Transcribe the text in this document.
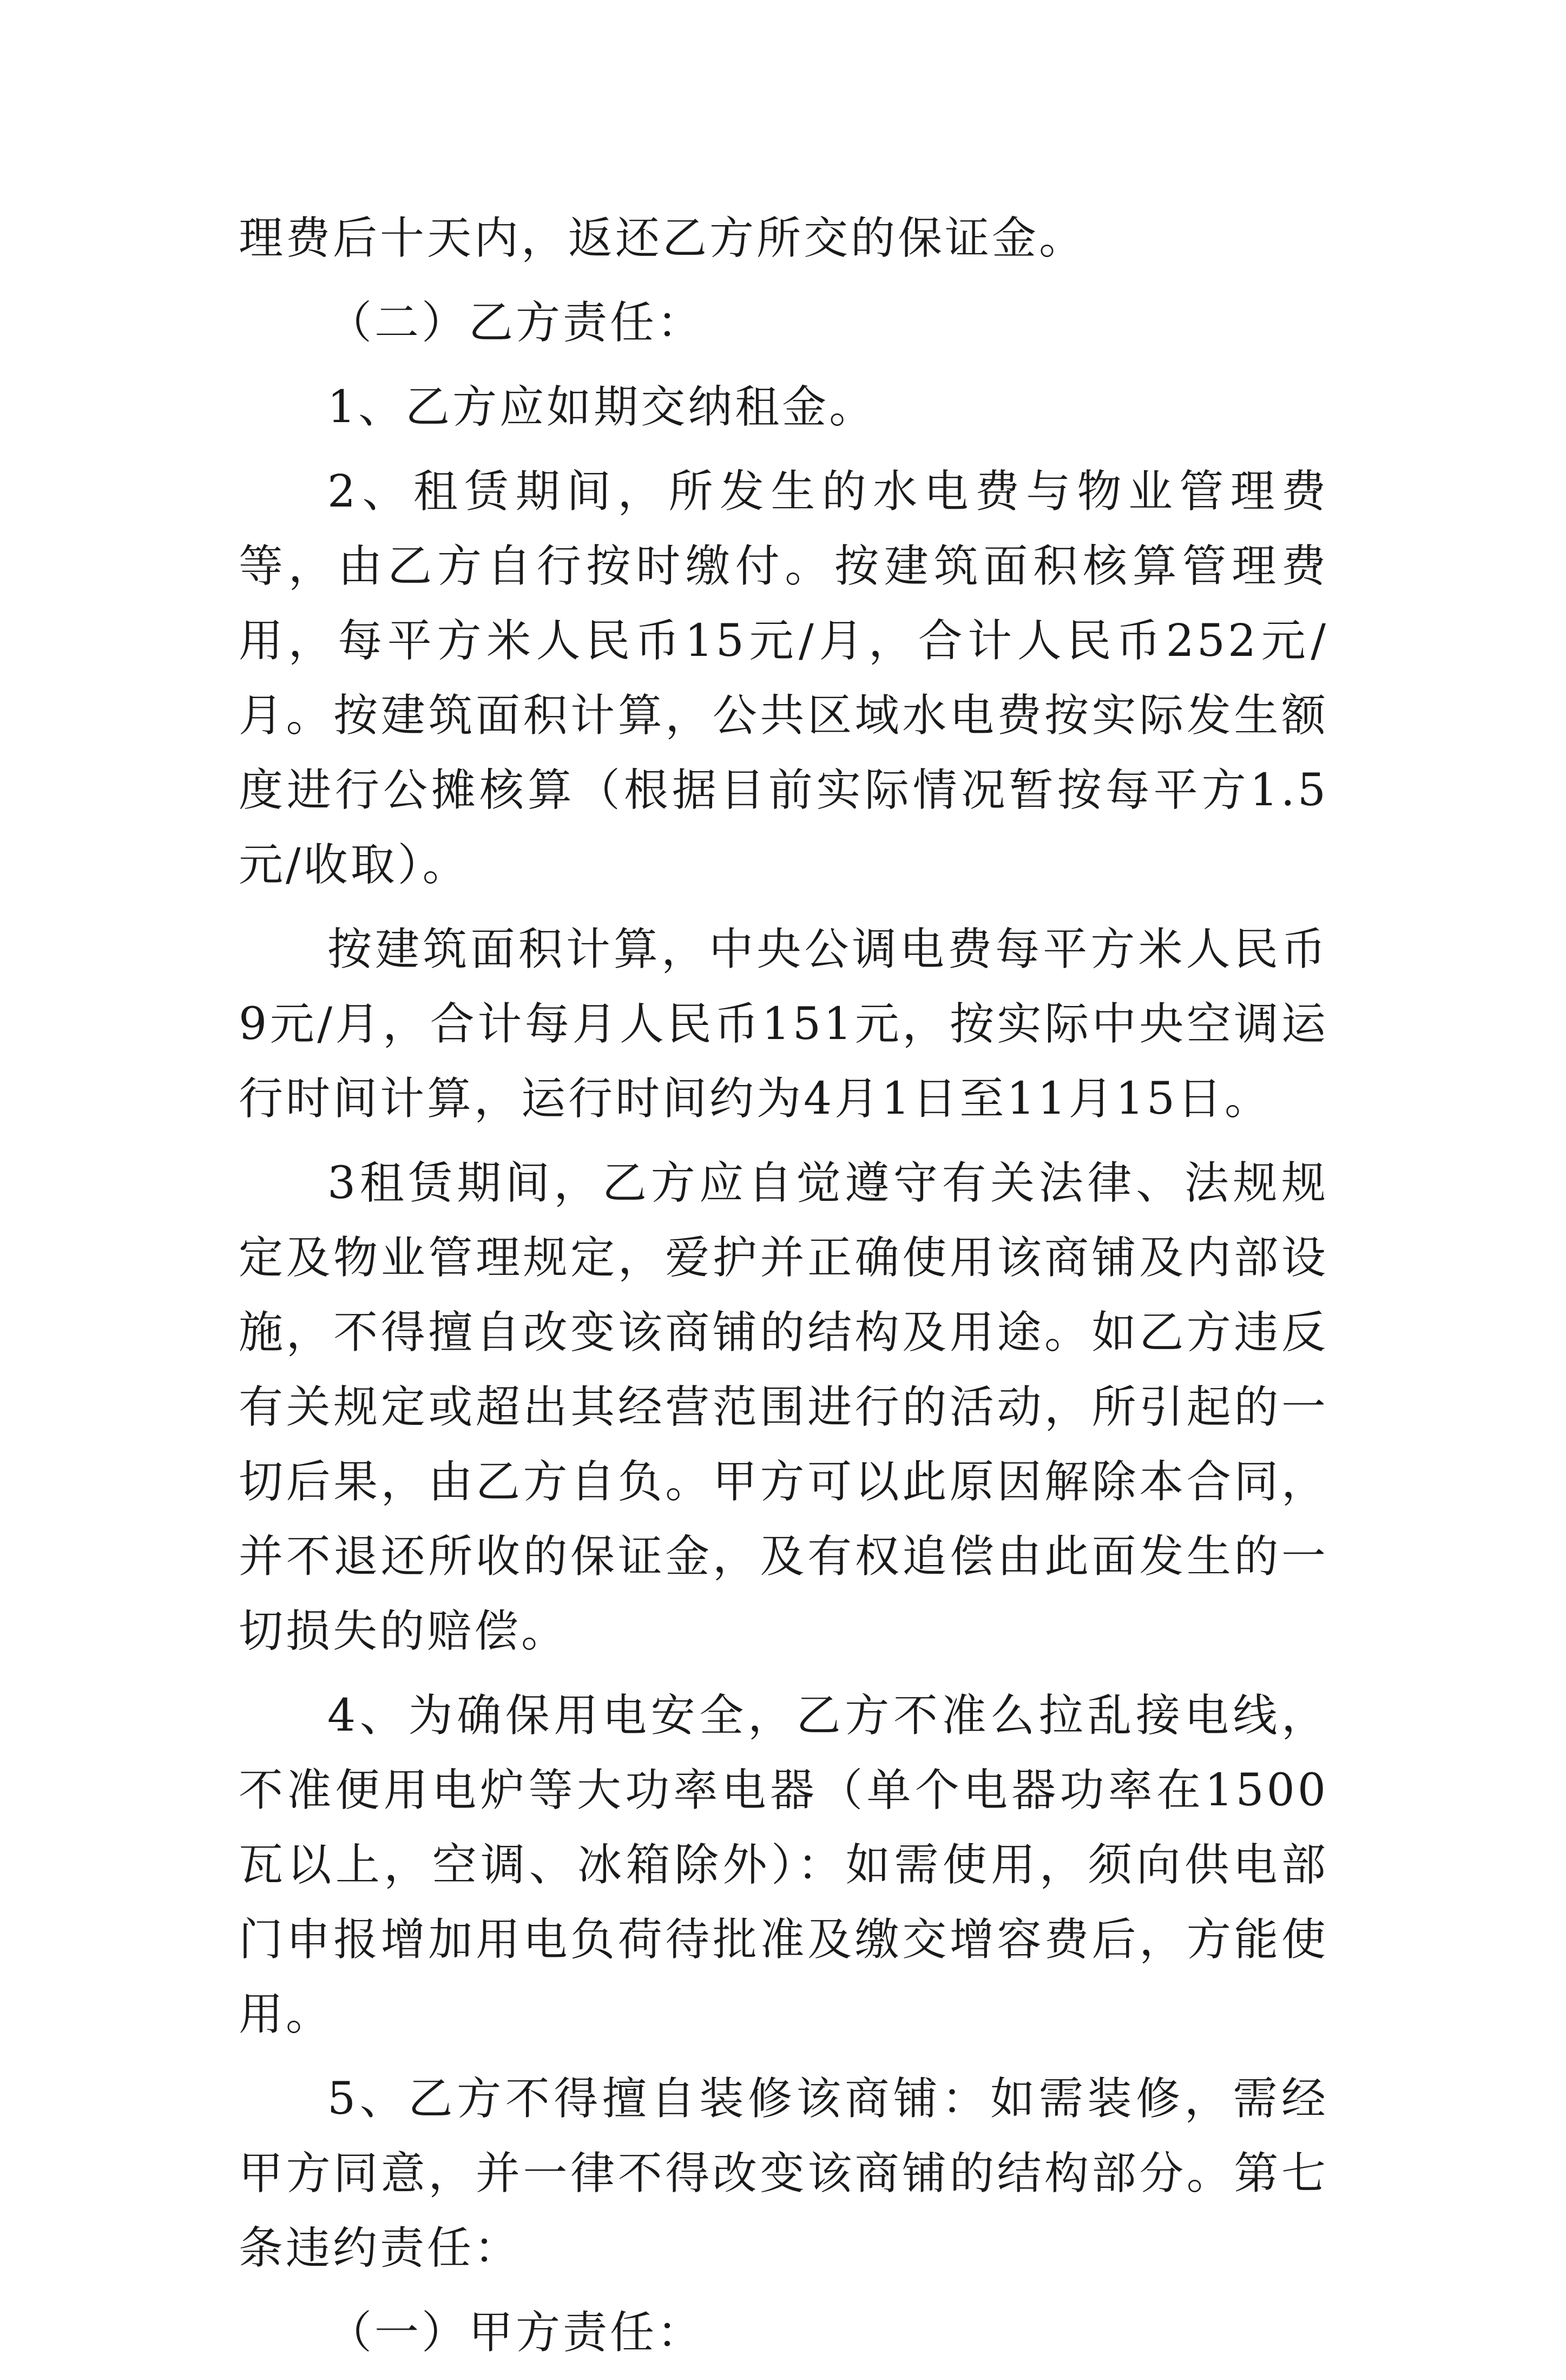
理费后十天内，返还乙方所交的保证金。

（二）乙方责任：

1、乙方应如期交纳租金。

2、租赁期间，所发生的水电费与物业管理费等，由乙方自行按时缴付。按建筑面积核算管理费用，每平方米人民币15元/月，合计人民币252元/月。按建筑面积计算，公共区域水电费按实际发生额度进行公摊核算（根据目前实际情况暂按每平方1.5元/收取）。

按建筑面积计算，中央公调电费每平方米人民币9元/月，合计每月人民币151元，按实际中央空调运行时间计算，运行时间约为4月1日至11月15日。

3租赁期间，乙方应自觉遵守有关法律、法规规定及物业管理规定，爱护并正确使用该商铺及内部设施，不得擅自改变该商铺的结构及用途。如乙方违反有关规定或超出其经营范围进行的活动，所引起的一切后果，由乙方自负。甲方可以此原因解除本合同，并不退还所收的保证金，及有权追偿由此面发生的一切损失的赔偿。

4、为确保用电安全，乙方不准么拉乱接电线，不准便用电炉等大功率电器（单个电器功率在1500瓦以上，空调、冰箱除外）：如需使用，须向供电部门申报增加用电负荷待批准及缴交增容费后，方能使用。

5、乙方不得擅自装修该商铺：如需装修，需经甲方同意，并一律不得改变该商铺的结构部分。第七条违约责任：

（一）甲方责任：
